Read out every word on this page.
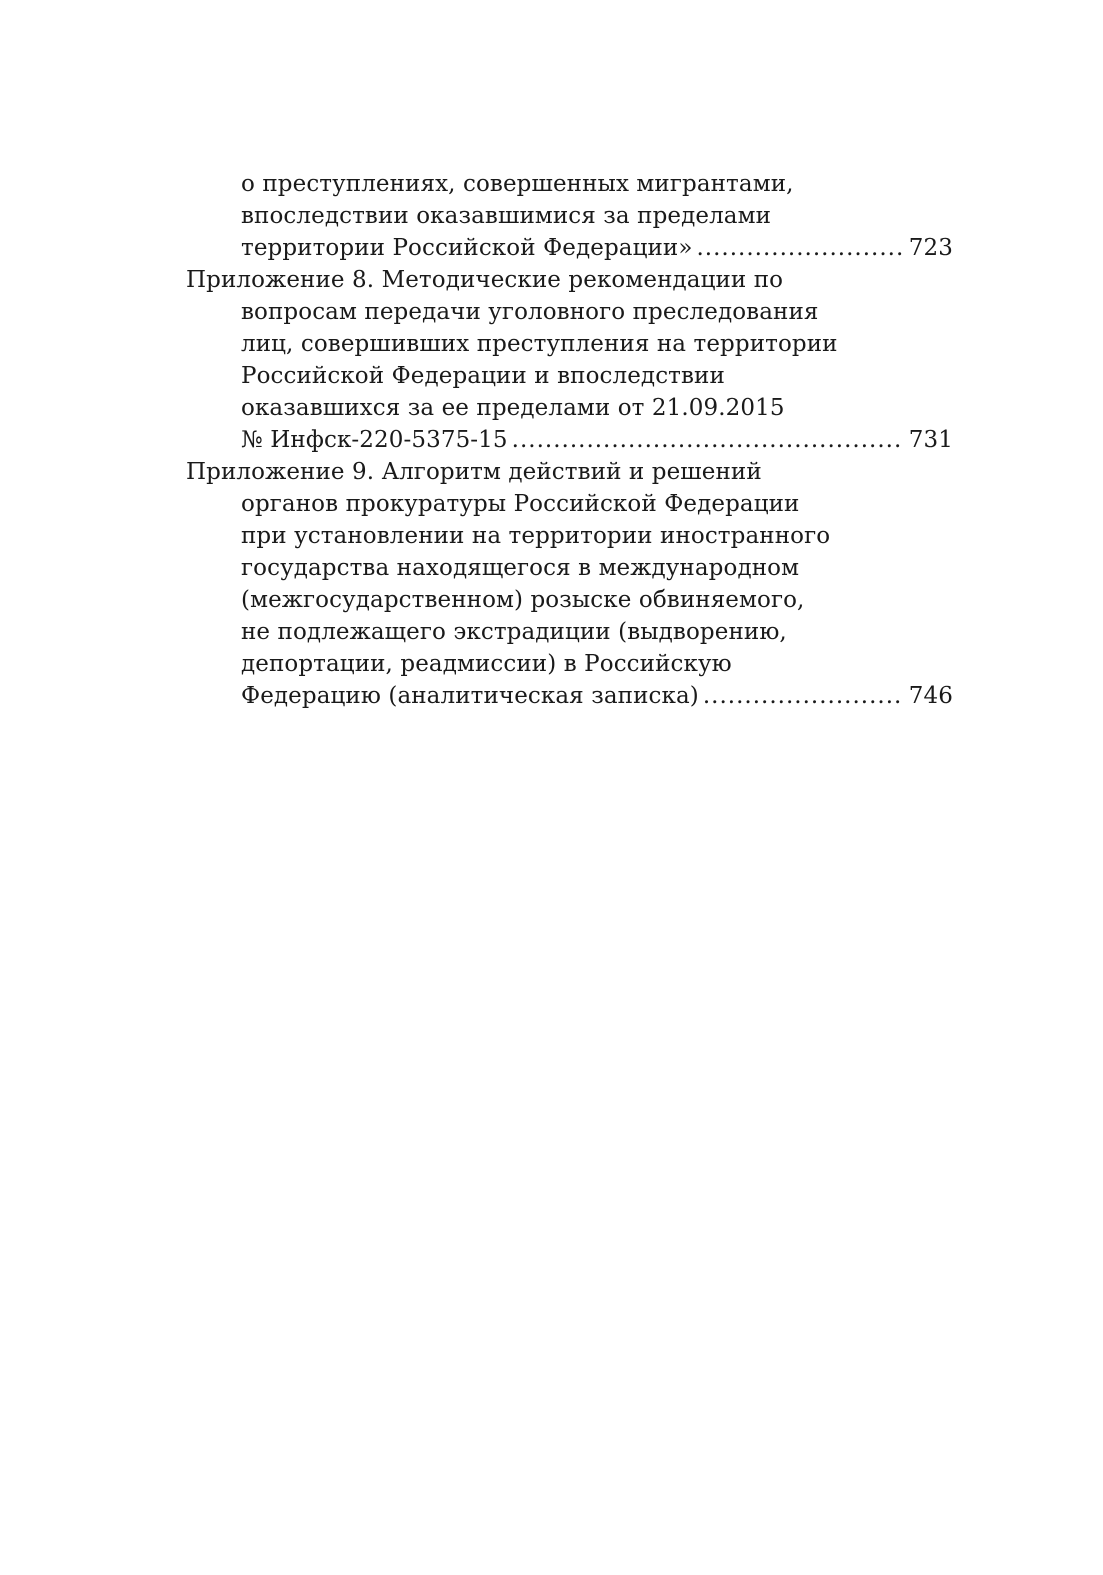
о преступлениях, совершенных мигрантами,
впоследствии оказавшимися за пределами
территории Российской Федерации» .....	723
Приложение 8. Методические рекомендации по
вопросам передачи уголовного преследования
лиц, совершивших преступления на территории
Российской Федерации и впоследствии
оказавшихся за ее пределами от 21.09.2015
№ Инфск-220-5375-15 .....	731
Приложение 9. Алгоритм действий и решений
органов прокуратуры Российской Федерации
при установлении на территории иностранного
государства находящегося в международном
(межгосударственном) розыске обвиняемого,
не подлежащего экстрадиции (выдворению,
депортации, реадмиссии) в Российскую
Федерацию (аналитическая записка) .....	746
